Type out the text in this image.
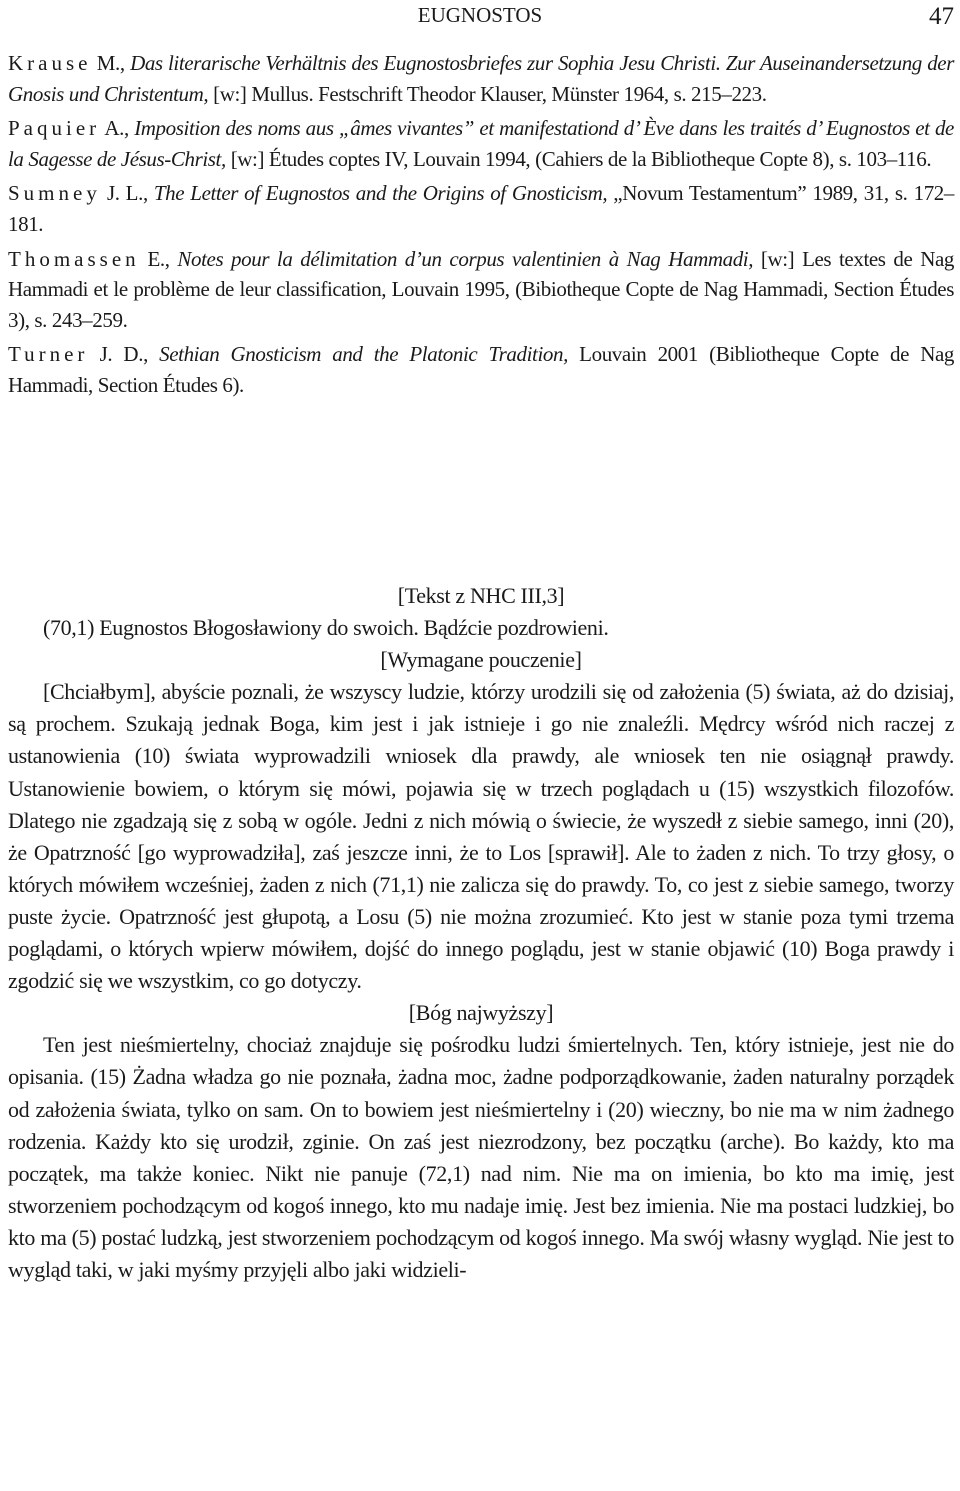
EUGNOSTOS	47

Krause M., Das literarische Verhältnis des Eugnostosbriefes zur Sophia Jesu Christi. Zur Auseinandersetzung der Gnosis und Christentum, [w:] Mullus. Festschrift Theodor Klauser, Münster 1964, s. 215–223.

Paquier A., Imposition des noms aus „âmes vivantes” et manifestationd d’ Ève dans les traités d’ Eugnostos et de la Sagesse de Jésus-Christ, [w:] Études coptes IV, Louvain 1994, (Cahiers de la Bibliotheque Copte 8), s. 103–116.

Sumney J. L., The Letter of Eugnostos and the Origins of Gnosticism, „Novum Testamentum” 1989, 31, s. 172–181.

Thomassen E., Notes pour la délimitation d’un corpus valentinien à Nag Hammadi, [w:] Les textes de Nag Hammadi et le problème de leur classification, Louvain 1995, (Bibiotheque Copte de Nag Hammadi, Section Études 3), s. 243–259.

Turner J. D., Sethian Gnosticism and the Platonic Tradition, Louvain 2001 (Bibliotheque Copte de Nag Hammadi, Section Études 6).

[Tekst z NHC III,3]

(70,1) Eugnostos Błogosławiony do swoich. Bądźcie pozdrowieni.

[Wymagane pouczenie]

[Chciałbym], abyście poznali, że wszyscy ludzie, którzy urodzili się od założenia (5) świata, aż do dzisiaj, są prochem. Szukają jednak Boga, kim jest i jak istnieje i go nie znaleźli. Mędrcy wśród nich raczej z ustanowienia (10) świata wyprowadzili wniosek dla prawdy, ale wniosek ten nie osiągnął prawdy. Ustanowienie bowiem, o którym się mówi, pojawia się w trzech poglądach u (15) wszystkich filozofów. Dlatego nie zgadzają się z sobą w ogóle. Jedni z nich mówią o świecie, że wyszedł z siebie samego, inni (20), że Opatrzność [go wyprowadziła], zaś jeszcze inni, że to Los [sprawił]. Ale to żaden z nich. To trzy głosy, o których mówiłem wcześniej, żaden z nich (71,1) nie zalicza się do prawdy. To, co jest z siebie samego, tworzy puste życie. Opatrzność jest głupotą, a Losu (5) nie można zrozumieć. Kto jest w stanie poza tymi trzema poglądami, o których wpierw mówiłem, dojść do innego poglądu, jest w stanie objawić (10) Boga prawdy i zgodzić się we wszystkim, co go dotyczy.

[Bóg najwyższy]

Ten jest nieśmiertelny, chociaż znajduje się pośrodku ludzi śmiertelnych. Ten, który istnieje, jest nie do opisania. (15) Żadna władza go nie poznała, żadna moc, żadne podporządkowanie, żaden naturalny porządek od założenia świata, tylko on sam. On to bowiem jest nieśmiertelny i (20) wieczny, bo nie ma w nim żadnego rodzenia. Każdy kto się urodził, zginie. On zaś jest niezrodzony, bez początku (arche). Bo każdy, kto ma początek, ma także koniec. Nikt nie panuje (72,1) nad nim. Nie ma on imienia, bo kto ma imię, jest stworzeniem pochodzącym od kogoś innego, kto mu nadaje imię. Jest bez imienia. Nie ma postaci ludzkiej, bo kto ma (5) postać ludzką, jest stworzeniem pochodzącym od kogoś innego. Ma swój własny wygląd. Nie jest to wygląd taki, w jaki myśmy przyjęli albo jaki widzieli-
